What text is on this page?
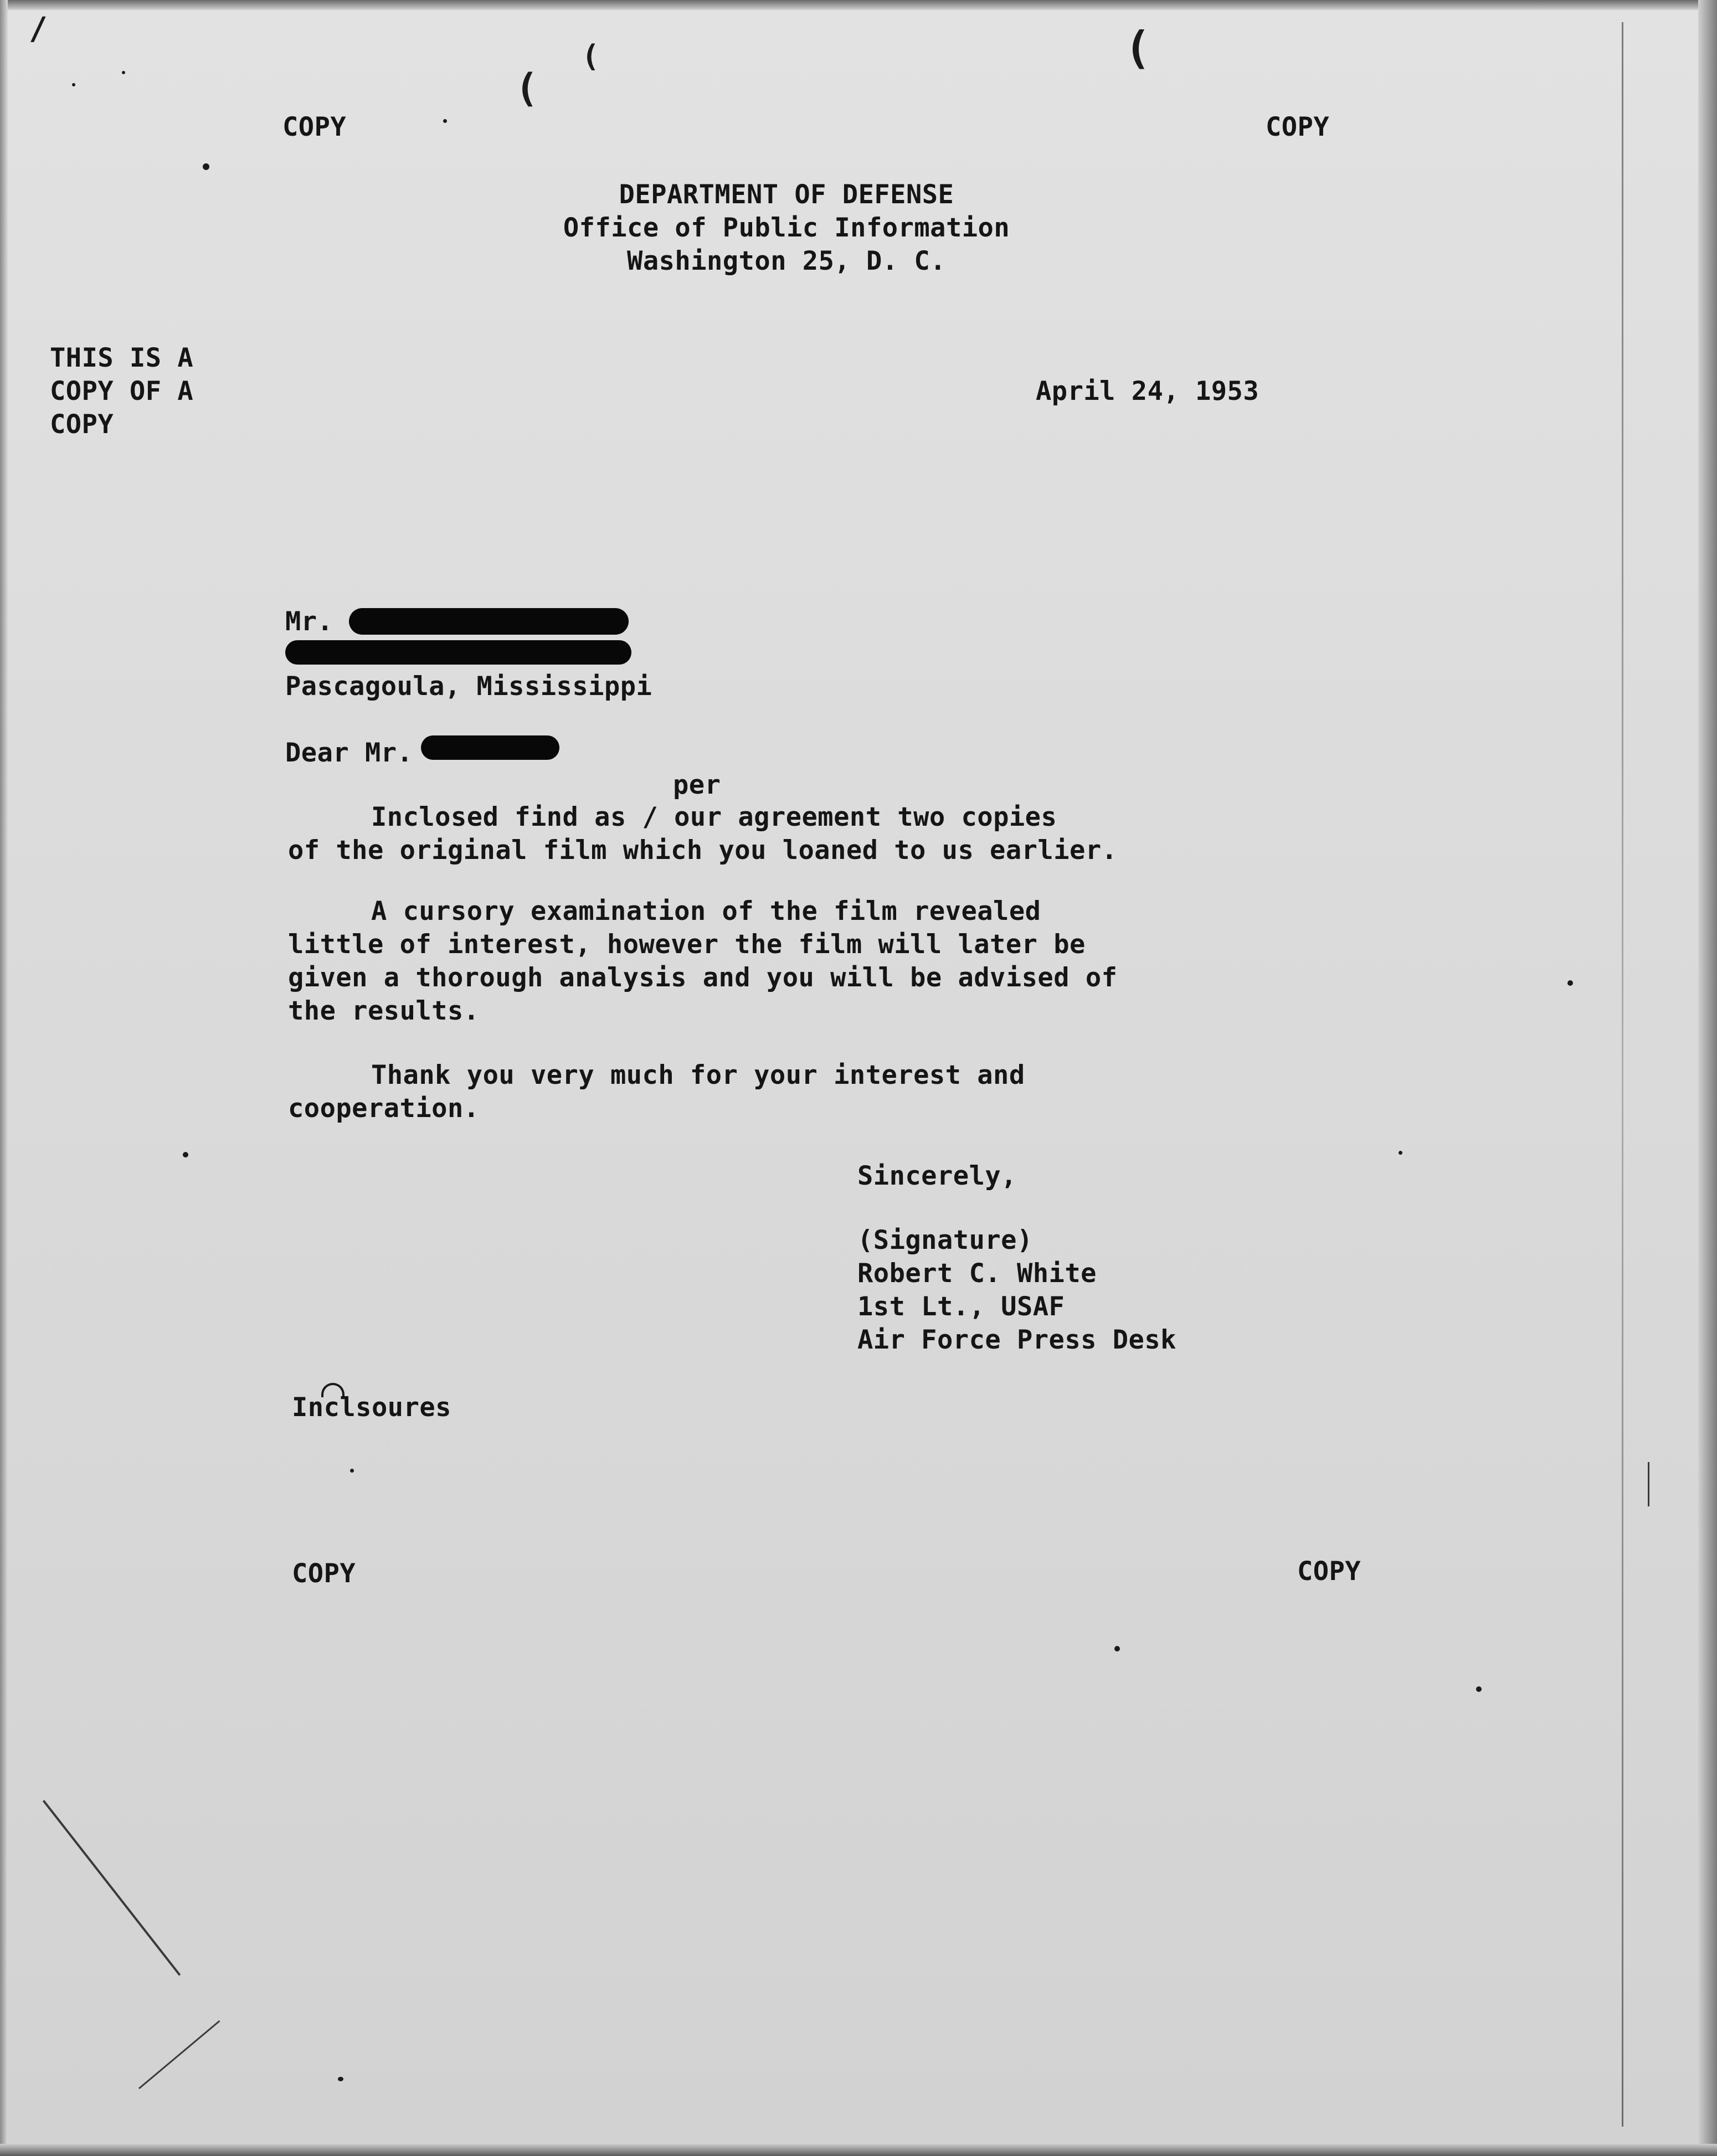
COPY	COPY
DEPARTMENT OF DEFENSE
Office of Public Information
Washington 25, D. C.
THIS IS A
COPY OF A
COPY
April 24, 1953
Mr.
Pascagoula, Mississippi
Dear Mr.
per
Inclosed find as / our agreement two copies
of the original film which you loaned to us earlier.
A cursory examination of the film revealed
little of interest, however the film will later be
given a thorough analysis and you will be advised of
the results.
Thank you very much for your interest and
cooperation.
Sincerely,
(Signature)
Robert C. White
1st Lt., USAF
Air Force Press Desk
Inclsoures
COPY	COPY
(
(
(
/
